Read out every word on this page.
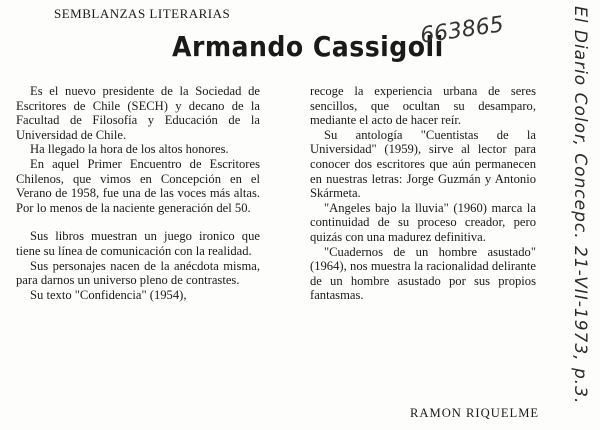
SEMBLANZAS LITERARIAS
Armando Cassigoli
663865

Es el nuevo presidente de la Sociedad de Escritores de Chile (SECH) y decano de la Facultad de Filosofía y Educación de la Universidad de Chile.

Ha llegado la hora de los altos honores.

En aquel Primer Encuentro de Escritores Chilenos, que vimos en Concepción en el Verano de 1958, fue una de las voces más altas. Por lo menos de la naciente generación del 50.

Sus libros muestran un juego ironico que tiene su línea de comunicación con la realidad.

Sus personajes nacen de la anécdota misma, para darnos un universo pleno de contrastes.

Su texto "Confidencia" (1954),

recoge la experiencia urbana de seres sencillos, que ocultan su desamparo, mediante el acto de hacer reír.

Su antología "Cuentistas de la Universidad" (1959), sirve al lector para conocer dos escritores que aún permanecen en nuestras letras: Jorge Guzmán y Antonio Skármeta.

"Angeles bajo la lluvia" (1960) marca la continuidad de su proceso creador, pero quizás con una madurez definitiva.

"Cuadernos de un hombre asustado" (1964), nos muestra la racionalidad delirante de un hombre asustado por sus propios fantasmas.

RAMON RIQUELME
El Diario Color, Concepc. 21-VII-1973, p.3.
